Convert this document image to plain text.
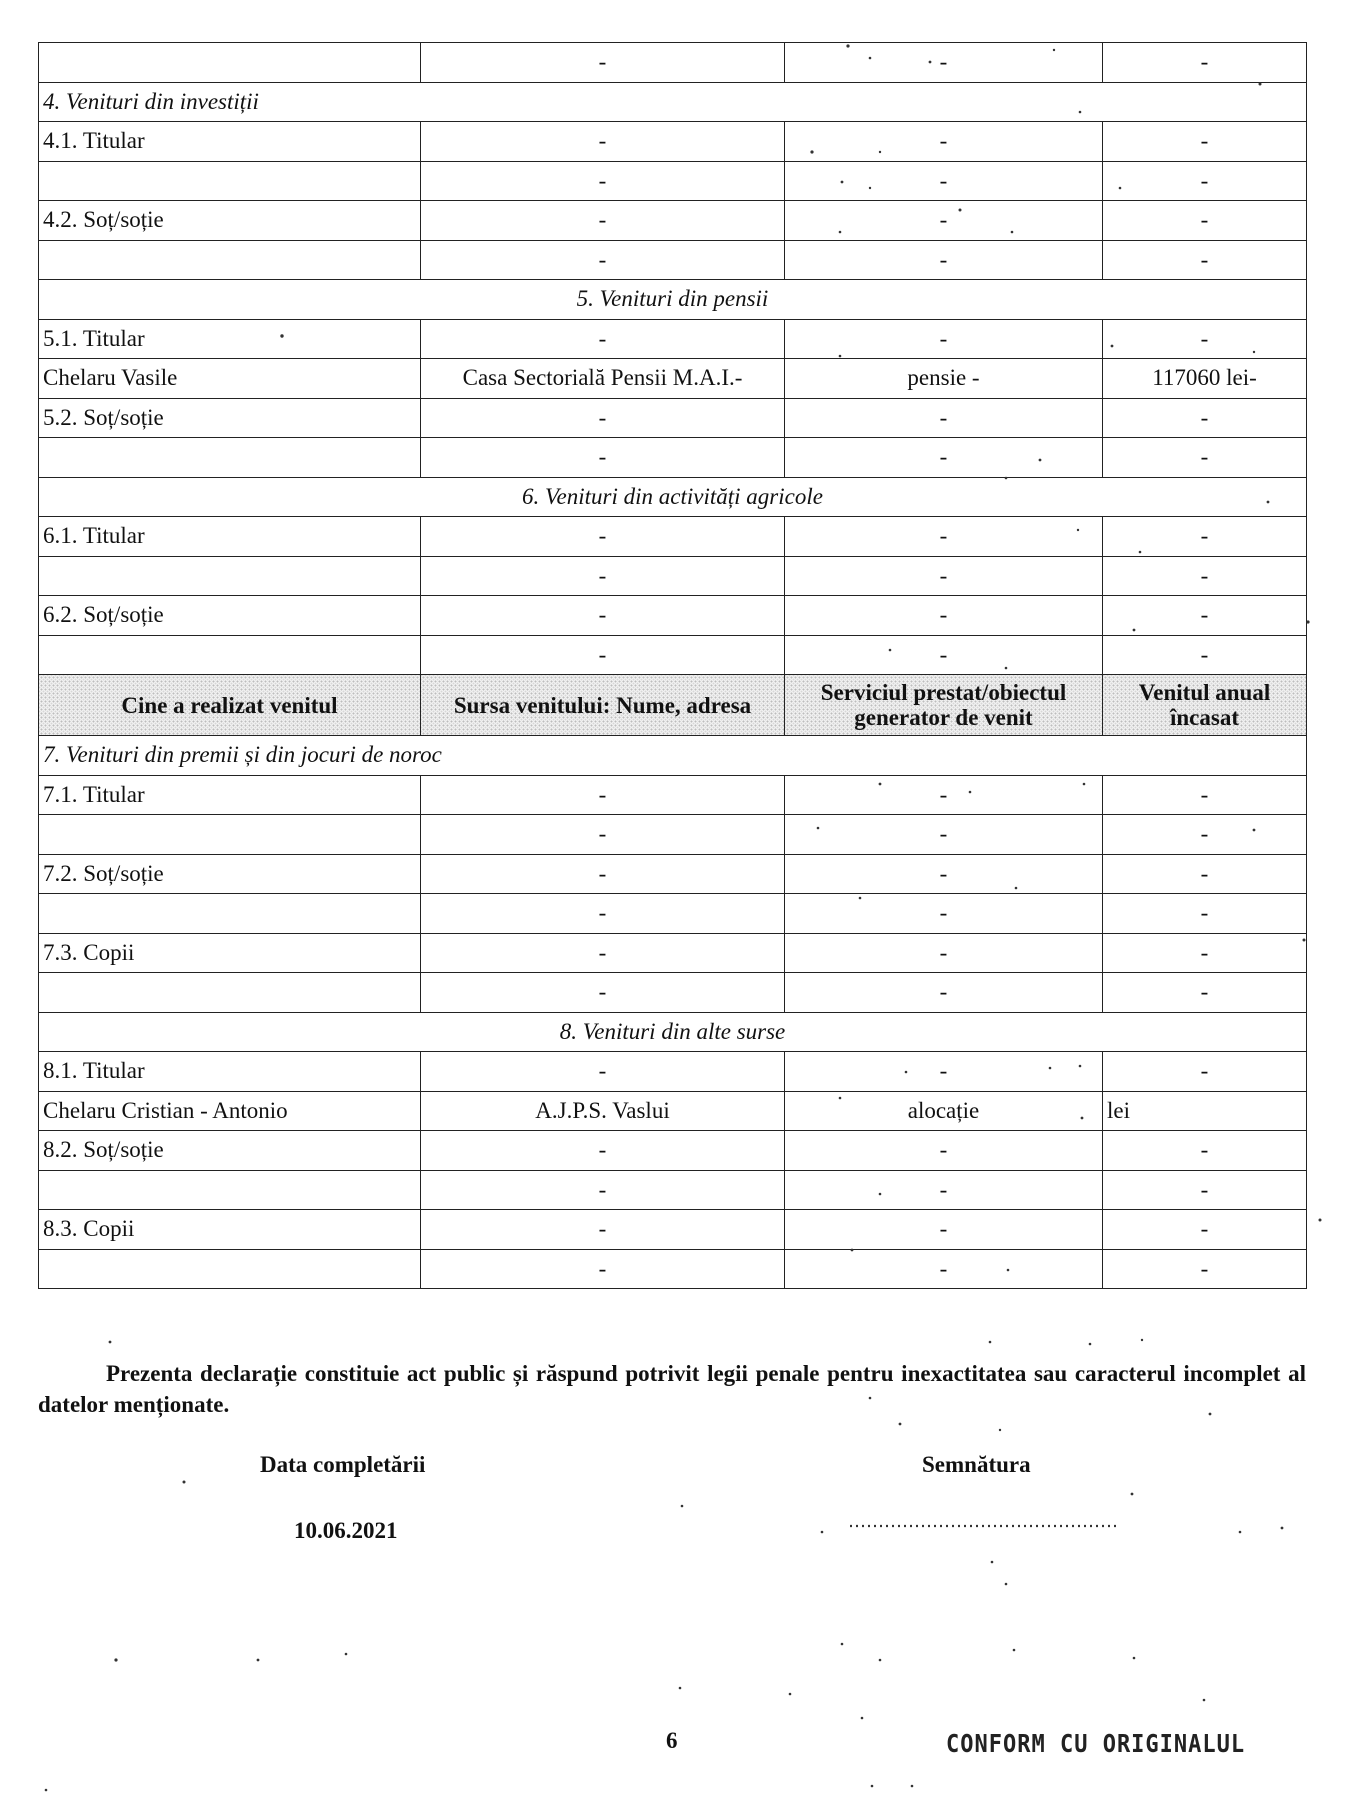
	-	-	-
4. Venituri din investiții			
4.1. Titular	-	-	-
	-	-	-
4.2. Soț/soție	-	-	-
	-	-	-
5. Venituri din pensii			
5.1. Titular	-	-	-
Chelaru Vasile	Casa Sectorială Pensii M.A.I.-	pensie -	117060 lei-
5.2. Soț/soție	-	-	-
	-	-	-
6. Venituri din activități agricole			
6.1. Titular	-	-	-
	-	-	-
6.2. Soț/soție	-	-	-
	-	-	-
Cine a realizat venitul	Sursa venitului: Nume, adresa	Serviciul prestat/obiectul generator de venit	Venitul anual încasat
7. Venituri din premii și din jocuri de noroc			
7.1. Titular	-	-	-
	-	-	-
7.2. Soț/soție	-	-	-
	-	-	-
7.3. Copii	-	-	-
	-	-	-
8. Venituri din alte surse			
8.1. Titular	-	-	-
Chelaru Cristian - Antonio	A.J.P.S. Vaslui	alocație	lei
8.2. Soț/soție	-	-	-
	-	-	-
8.3. Copii	-	-	-
	-	-	-
Prezenta declarație constituie act public și răspund potrivit legii penale pentru inexactitatea sau caracterul incomplet al datelor menționate.
Data completării
10.06.2021
Semnătura
6	CONFORM CU ORIGINALUL
